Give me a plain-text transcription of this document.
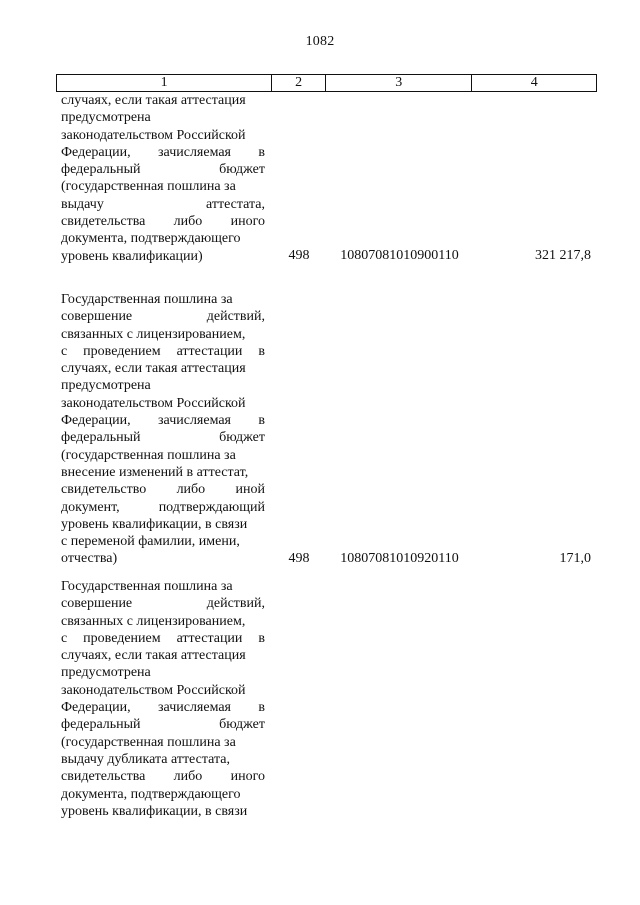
1082
1	2	3	4
случаях, если такая аттестация
предусмотрена
законодательством Российской
Федерации, зачисляемая в
федеральный бюджет
(государственная пошлина за
выдачу аттестата,
свидетельства либо иного
документа, подтверждающего
уровень квалификации)	498	10807081010900110	321 217,8
Государственная пошлина за
совершение действий,
связанных с лицензированием,
с проведением аттестации в
случаях, если такая аттестация
предусмотрена
законодательством Российской
Федерации, зачисляемая в
федеральный бюджет
(государственная пошлина за
внесение изменений в аттестат,
свидетельство либо иной
документ, подтверждающий
уровень квалификации, в связи
с переменой фамилии, имени,
отчества)	498	10807081010920110	171,0
Государственная пошлина за
совершение действий,
связанных с лицензированием,
с проведением аттестации в
случаях, если такая аттестация
предусмотрена
законодательством Российской
Федерации, зачисляемая в
федеральный бюджет
(государственная пошлина за
выдачу дубликата аттестата,
свидетельства либо иного
документа, подтверждающего
уровень квалификации, в связи
